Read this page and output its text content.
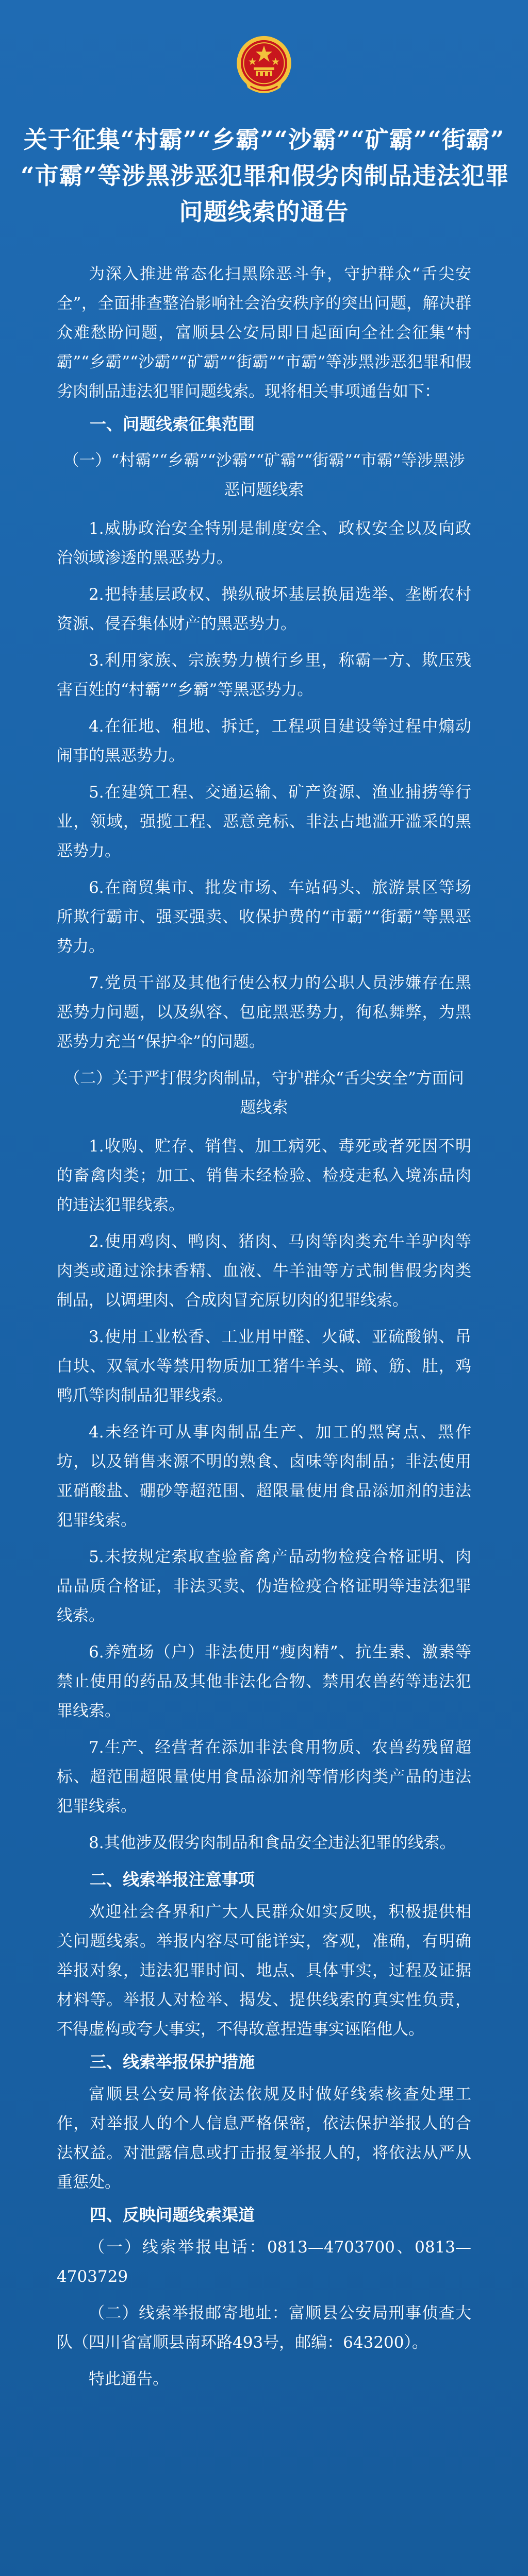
关于征集“村霸”“乡霸”“沙霸”“矿霸”“街霸”
“市霸”等涉黑涉恶犯罪和假劣肉制品违法犯罪
问题线索的通告

为深入推进常态化扫黑除恶斗争，守护群众“舌尖安全”，全面排查整治影响社会治安秩序的突出问题，解决群众难愁盼问题，富顺县公安局即日起面向全社会征集“村霸”“乡霸”“沙霸”“矿霸”“街霸”“市霸”等涉黑涉恶犯罪和假劣肉制品违法犯罪问题线索。现将相关事项通告如下：

一、问题线索征集范围

（一）“村霸”“乡霸”“沙霸”“矿霸”“街霸”“市霸”等涉黑涉恶问题线索

1.威胁政治安全特别是制度安全、政权安全以及向政治领域渗透的黑恶势力。

2.把持基层政权、操纵破坏基层换届选举、垄断农村资源、侵吞集体财产的黑恶势力。

3.利用家族、宗族势力横行乡里，称霸一方、欺压残害百姓的“村霸”“乡霸”等黑恶势力。

4.在征地、租地、拆迁，工程项目建设等过程中煽动闹事的黑恶势力。

5.在建筑工程、交通运输、矿产资源、渔业捕捞等行业，领域，强揽工程、恶意竞标、非法占地滥开滥采的黑恶势力。

6.在商贸集市、批发市场、车站码头、旅游景区等场所欺行霸市、强买强卖、收保护费的“市霸”“街霸”等黑恶势力。

7.党员干部及其他行使公权力的公职人员涉嫌存在黑恶势力问题，以及纵容、包庇黑恶势力，徇私舞弊，为黑恶势力充当“保护伞”的问题。

（二）关于严打假劣肉制品，守护群众“舌尖安全”方面问题线索

1.收购、贮存、销售、加工病死、毒死或者死因不明的畜禽肉类；加工、销售未经检验、检疫走私入境冻品肉的违法犯罪线索。

2.使用鸡肉、鸭肉、猪肉、马肉等肉类充牛羊驴肉等肉类或通过涂抹香精、血液、牛羊油等方式制售假劣肉类制品，以调理肉、合成肉冒充原切肉的犯罪线索。

3.使用工业松香、工业用甲醛、火碱、亚硫酸钠、吊白块、双氧水等禁用物质加工猪牛羊头、蹄、筋、肚，鸡鸭爪等肉制品犯罪线索。

4.未经许可从事肉制品生产、加工的黑窝点、黑作坊，以及销售来源不明的熟食、卤味等肉制品；非法使用亚硝酸盐、硼砂等超范围、超限量使用食品添加剂的违法犯罪线索。

5.未按规定索取查验畜禽产品动物检疫合格证明、肉品品质合格证，非法买卖、伪造检疫合格证明等违法犯罪线索。

6.养殖场（户）非法使用“瘦肉精”、抗生素、激素等禁止使用的药品及其他非法化合物、禁用农兽药等违法犯罪线索。

7.生产、经营者在添加非法食用物质、农兽药残留超标、超范围超限量使用食品添加剂等情形肉类产品的违法犯罪线索。

8.其他涉及假劣肉制品和食品安全违法犯罪的线索。

二、线索举报注意事项

欢迎社会各界和广大人民群众如实反映，积极提供相关问题线索。举报内容尽可能详实，客观，准确，有明确举报对象，违法犯罪时间、地点、具体事实，过程及证据材料等。举报人对检举、揭发、提供线索的真实性负责，不得虚构或夸大事实，不得故意捏造事实诬陷他人。

三、线索举报保护措施

富顺县公安局将依法依规及时做好线索核查处理工作，对举报人的个人信息严格保密，依法保护举报人的合法权益。对泄露信息或打击报复举报人的，将依法从严从重惩处。

四、反映问题线索渠道

（一）线索举报电话：0813—4703700、0813—4703729

（二）线索举报邮寄地址：富顺县公安局刑事侦查大队（四川省富顺县南环路493号，邮编：643200）。

特此通告。
